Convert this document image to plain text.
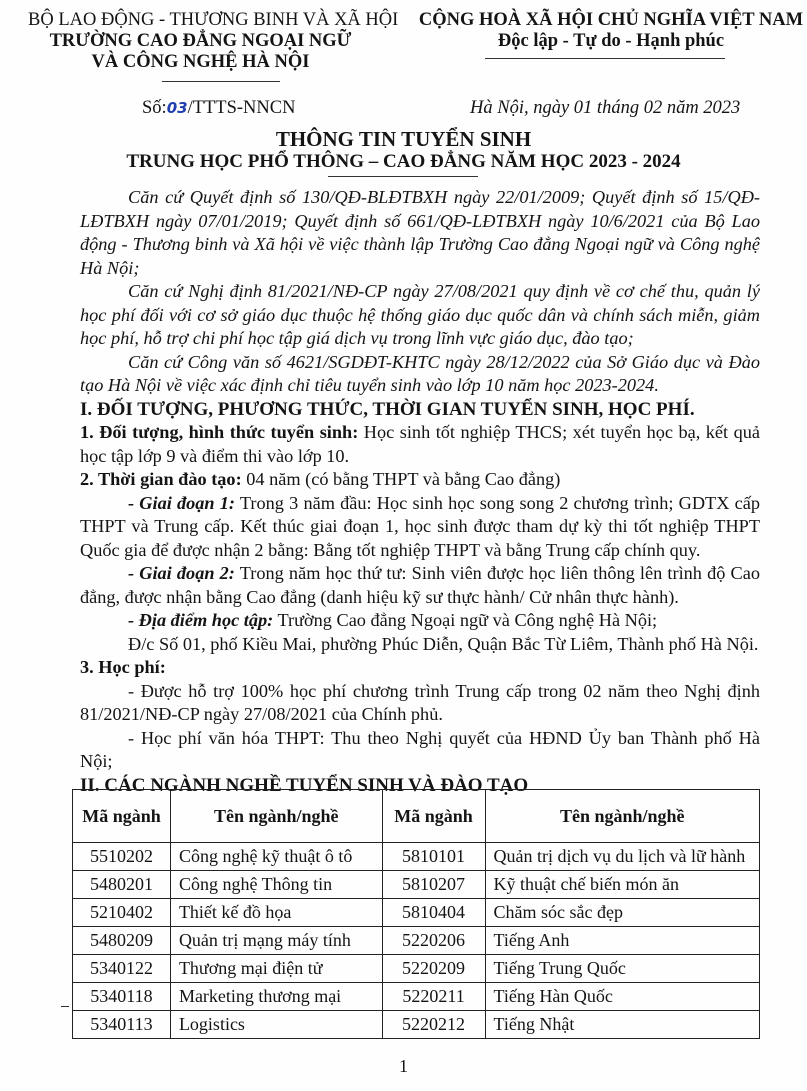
BỘ LAO ĐỘNG - THƯƠNG BINH VÀ XÃ HỘI
TRƯỜNG CAO ĐẲNG NGOẠI NGỮ
VÀ CÔNG NGHỆ HÀ NỘI
CỘNG HOÀ XÃ HỘI CHỦ NGHĨA VIỆT NAM
Độc lập - Tự do - Hạnh phúc
Số:03/TTTS-NNCN	Hà Nội, ngày 01 tháng 02 năm 2023
THÔNG TIN TUYỂN SINH
TRUNG HỌC PHỔ THÔNG – CAO ĐẲNG NĂM HỌC 2023 - 2024

Căn cứ Quyết định số 130/QĐ-BLĐTBXH ngày 22/01/2009; Quyết định số 15/QĐ-LĐTBXH ngày 07/01/2019; Quyết định số 661/QĐ-LĐTBXH ngày 10/6/2021 của Bộ Lao động - Thương binh và Xã hội về việc thành lập Trường Cao đẳng Ngoại ngữ và Công nghệ Hà Nội;

Căn cứ Nghị định 81/2021/NĐ-CP ngày 27/08/2021 quy định về cơ chế thu, quản lý học phí đối với cơ sở giáo dục thuộc hệ thống giáo dục quốc dân và chính sách miễn, giảm học phí, hỗ trợ chi phí học tập giá dịch vụ trong lĩnh vực giáo dục, đào tạo;

Căn cứ Công văn số 4621/SGDĐT-KHTC ngày 28/12/2022 của Sở Giáo dục và Đào tạo Hà Nội về việc xác định chỉ tiêu tuyển sinh vào lớp 10 năm học 2023-2024.

I. ĐỐI TƯỢNG, PHƯƠNG THỨC, THỜI GIAN TUYỂN SINH, HỌC PHÍ.

1. Đối tượng, hình thức tuyển sinh: Học sinh tốt nghiệp THCS; xét tuyển học bạ, kết quả học tập lớp 9 và điểm thi vào lớp 10.

2. Thời gian đào tạo: 04 năm (có bằng THPT và bằng Cao đẳng)

- Giai đoạn 1: Trong 3 năm đầu: Học sinh học song song 2 chương trình; GDTX cấp THPT và Trung cấp. Kết thúc giai đoạn 1, học sinh được tham dự kỳ thi tốt nghiệp THPT Quốc gia để được nhận 2 bằng: Bằng tốt nghiệp THPT và bằng Trung cấp chính quy.

- Giai đoạn 2: Trong năm học thứ tư: Sinh viên được học liên thông lên trình độ Cao đẳng, được nhận bằng Cao đẳng (danh hiệu kỹ sư thực hành/ Cử nhân thực hành).

- Địa điểm học tập: Trường Cao đẳng Ngoại ngữ và Công nghệ Hà Nội;

Đ/c Số 01, phố Kiều Mai, phường Phúc Diễn, Quận Bắc Từ Liêm, Thành phố Hà Nội.

3. Học phí:

- Được hỗ trợ 100% học phí chương trình Trung cấp trong 02 năm theo Nghị định 81/2021/NĐ-CP ngày 27/08/2021 của Chính phủ.

- Học phí văn hóa THPT: Thu theo Nghị quyết của HĐND Ủy ban Thành phố Hà Nội;

II. CÁC NGÀNH NGHỀ TUYỂN SINH VÀ ĐÀO TẠO

Mã ngành	Tên ngành/nghề	Mã ngành	Tên ngành/nghề
5510202	Công nghệ kỹ thuật ô tô	5810101	Quản trị dịch vụ du lịch và lữ hành
5480201	Công nghệ Thông tin	5810207	Kỹ thuật chế biến món ăn
5210402	Thiết kế đồ họa	5810404	Chăm sóc sắc đẹp
5480209	Quản trị mạng máy tính	5220206	Tiếng Anh
5340122	Thương mại điện tử	5220209	Tiếng Trung Quốc
5340118	Marketing thương mại	5220211	Tiếng Hàn Quốc
5340113	Logistics	5220212	Tiếng Nhật
1
